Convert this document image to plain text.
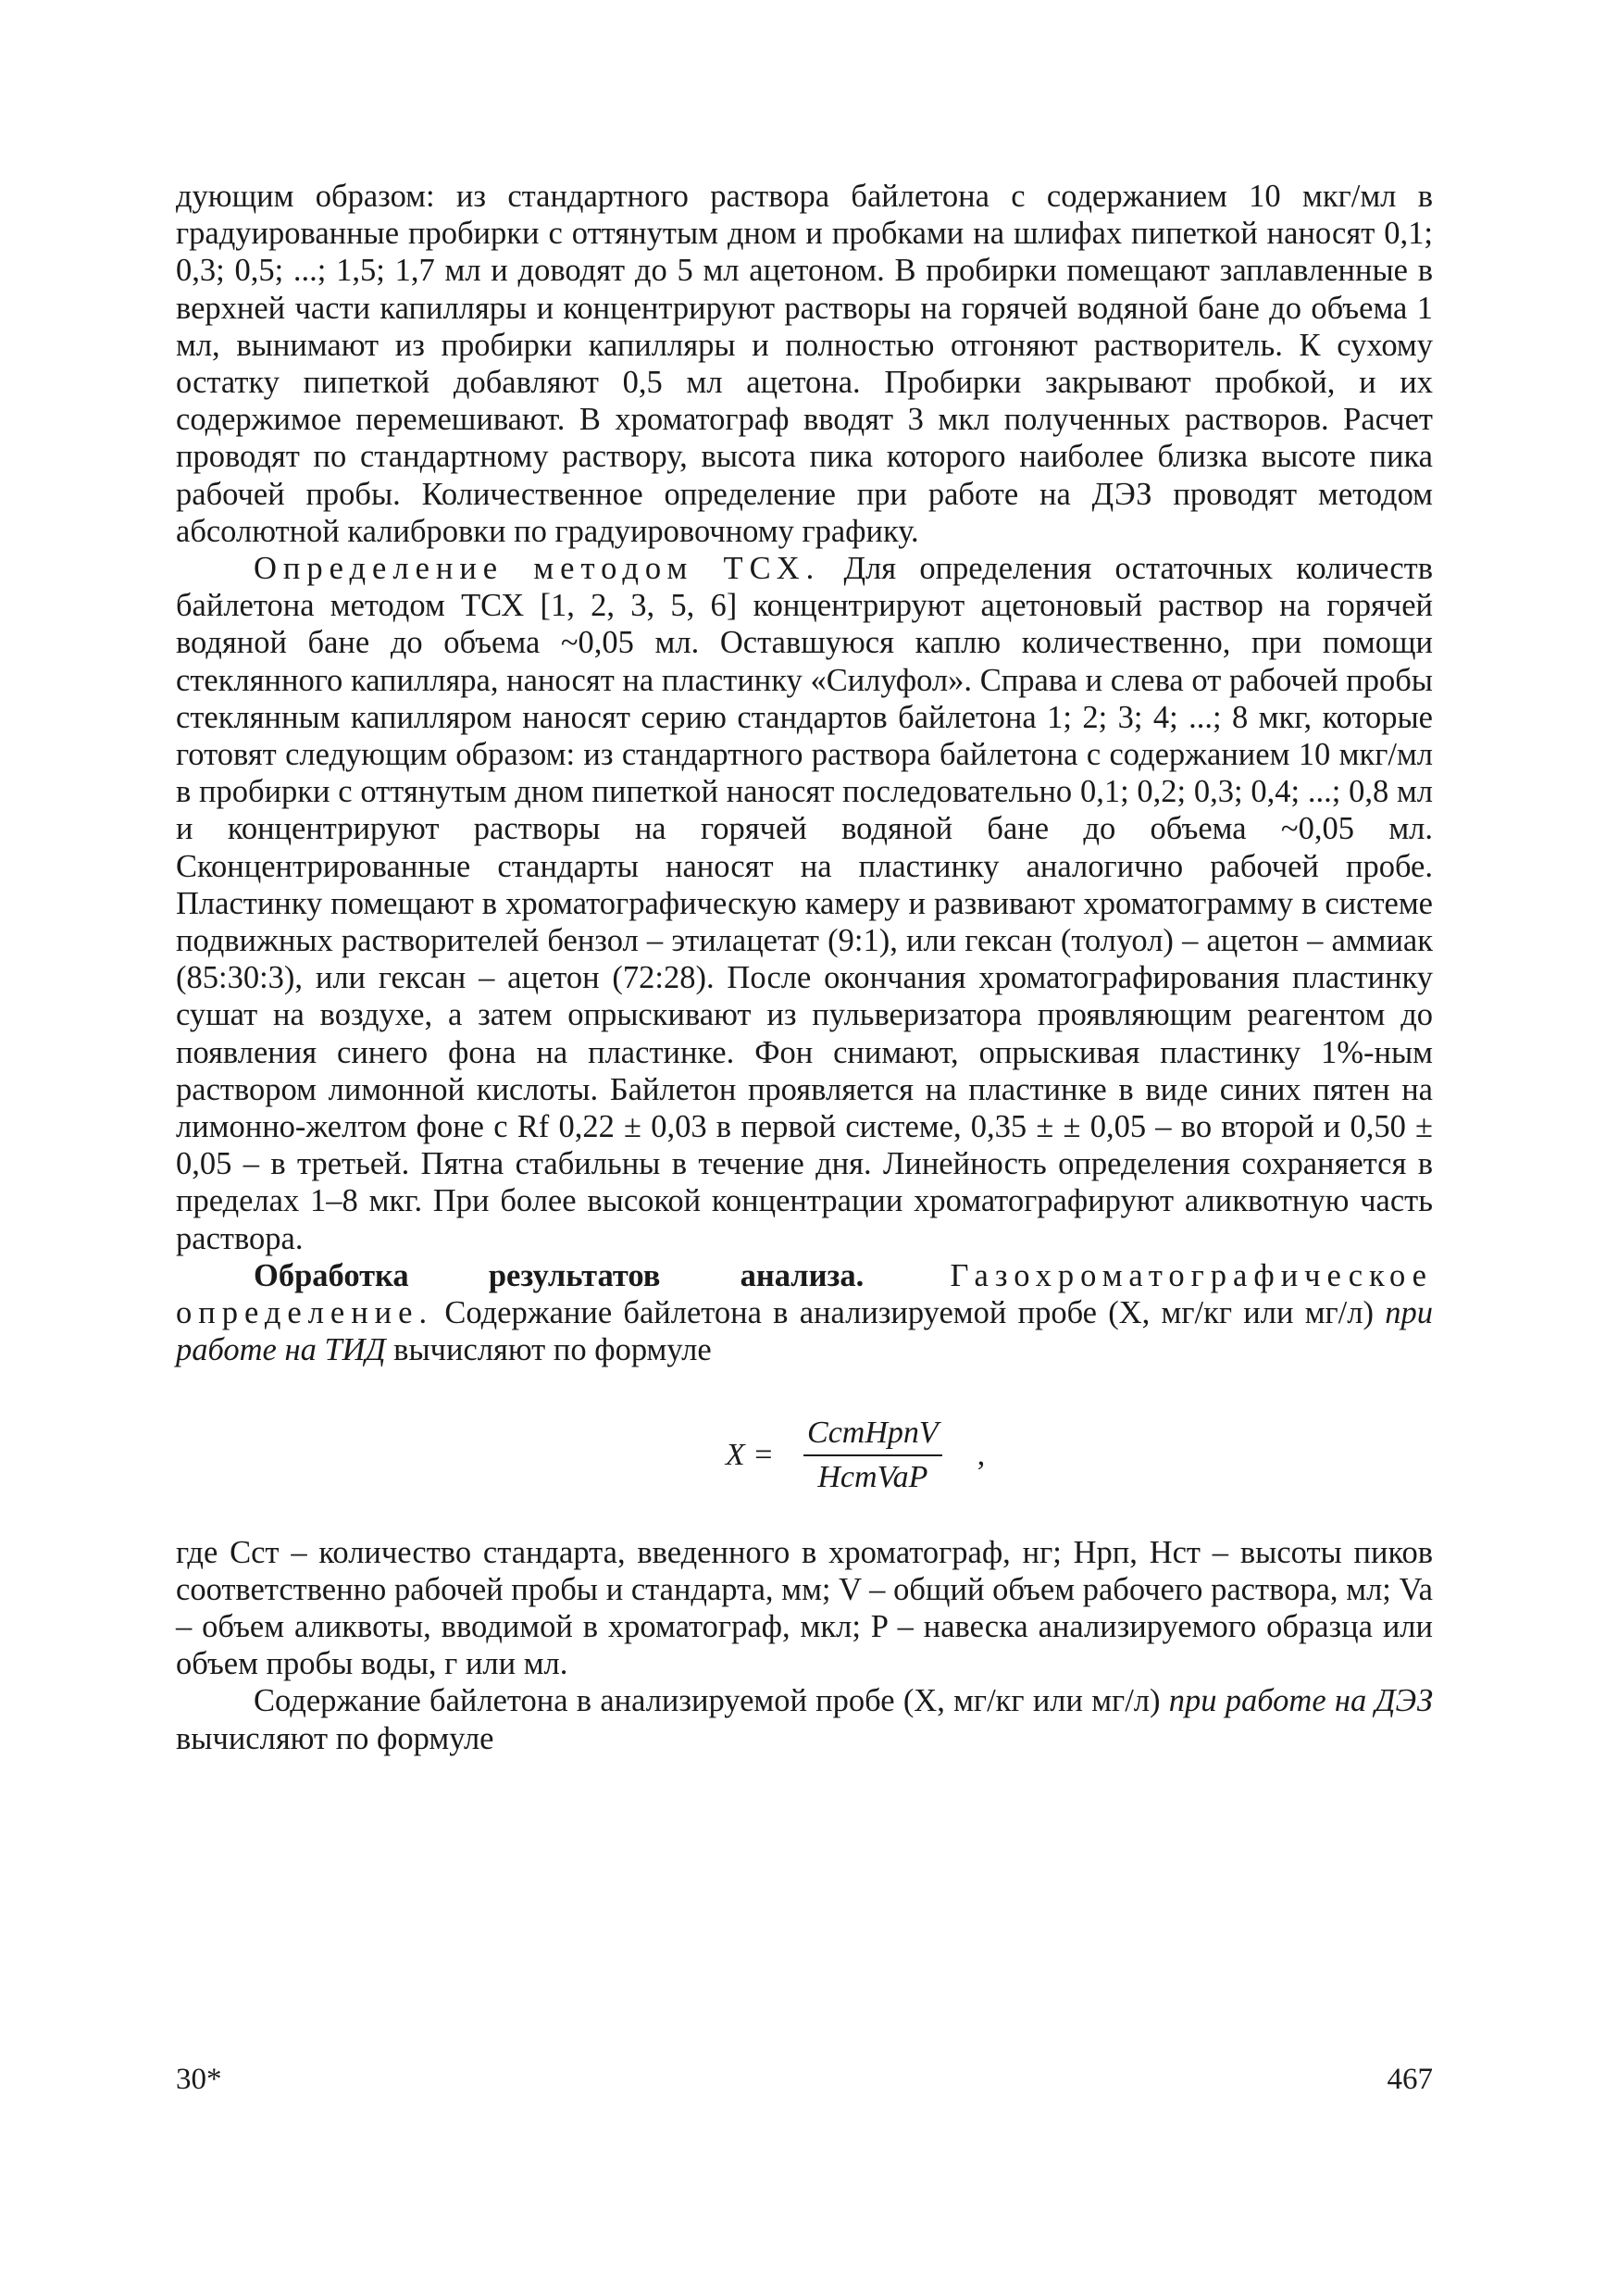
дующим образом: из стандартного раствора байлетона с содержанием 10 мкг/мл в градуированные пробирки с оттянутым дном и пробками на шлифах пипеткой наносят 0,1; 0,3; 0,5; ...; 1,5; 1,7 мл и доводят до 5 мл ацетоном. В пробирки помещают заплавленные в верхней части капилляры и концентрируют растворы на горячей водяной бане до объема 1 мл, вынимают из пробирки капилляры и полностью отгоняют растворитель. К сухому остатку пипеткой добавляют 0,5 мл ацетона. Пробирки закрывают пробкой, и их содержимое перемешивают. В хроматограф вводят 3 мкл полученных растворов. Расчет проводят по стандартному раствору, высота пика которого наиболее близка высоте пика рабочей пробы. Количественное определение при работе на ДЭЗ проводят методом абсолютной калибровки по градуировочному графику.

Определение методом ТСХ. Для определения остаточных количеств байлетона методом ТСХ [1, 2, 3, 5, 6] концентрируют ацетоновый раствор на горячей водяной бане до объема ~0,05 мл. Оставшуюся каплю количественно, при помощи стеклянного капилляра, наносят на пластинку «Силуфол». Справа и слева от рабочей пробы стеклянным капилляром наносят серию стандартов байлетона 1; 2; 3; 4; ...; 8 мкг, которые готовят следующим образом: из стандартного раствора байлетона с содержанием 10 мкг/мл в пробирки с оттянутым дном пипеткой наносят последовательно 0,1; 0,2; 0,3; 0,4; ...; 0,8 мл и концентрируют растворы на горячей водяной бане до объема ~0,05 мл. Сконцентрированные стандарты наносят на пластинку аналогично рабочей пробе. Пластинку помещают в хроматографическую камеру и развивают хроматограмму в системе подвижных растворителей бензол – этилацетат (9:1), или гексан (толуол) – ацетон – аммиак (85:30:3), или гексан – ацетон (72:28). После окончания хроматографирования пластинку сушат на воздухе, а затем опрыскивают из пульверизатора проявляющим реагентом до появления синего фона на пластинке. Фон снимают, опрыскивая пластинку 1%-ным раствором лимонной кислоты. Байлетон проявляется на пластинке в виде синих пятен на лимонно-желтом фоне с Rf 0,22 ± 0,03 в первой системе, 0,35 ± ± 0,05 – во второй и 0,50 ± 0,05 – в третьей. Пятна стабильны в течение дня. Линейность определения сохраняется в пределах 1–8 мкг. При более высокой концентрации хроматографируют аликвотную часть раствора.

Обработка результатов анализа. Газохроматографическое определение. Содержание байлетона в анализируемой пробе (X, мг/кг или мг/л) при работе на ТИД вычисляют по формуле

$X = \frac{\text{CстHрпV}}{\text{HстVaP}}$ ,

где Cст – количество стандарта, введенного в хроматограф, нг; Hрп, Hст – высоты пиков соответственно рабочей пробы и стандарта, мм; V – общий объем рабочего раствора, мл; Va – объем аликвоты, вводимой в хроматограф, мкл; P – навеска анализируемого образца или объем пробы воды, г или мл.

Содержание байлетона в анализируемой пробе (X, мг/кг или мг/л) при работе на ДЭЗ вычисляют по формуле

30*	467
